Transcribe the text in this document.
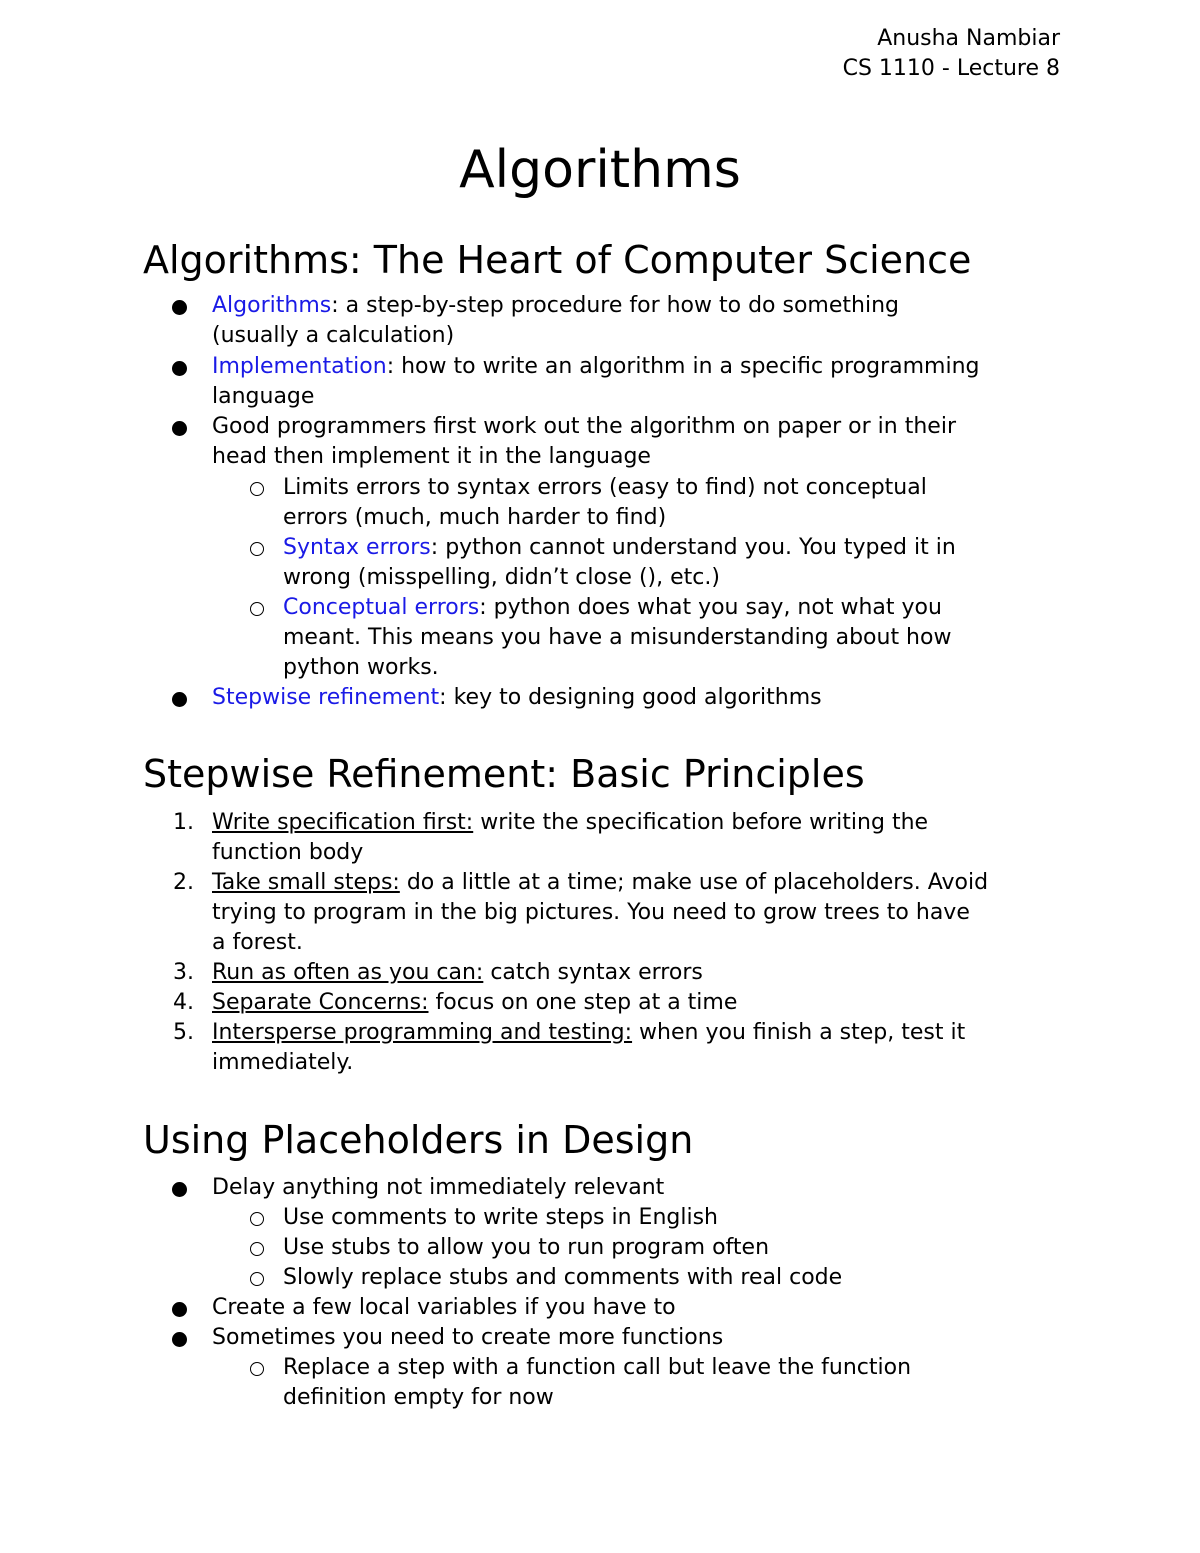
Anusha Nambiar
CS 1110 - Lecture 8
Algorithms
Algorithms: The Heart of Computer Science
Algorithms: a step-by-step procedure for how to do something
(usually a calculation)
Implementation: how to write an algorithm in a specific programming
language
Good programmers first work out the algorithm on paper or in their
head then implement it in the language
Limits errors to syntax errors (easy to find) not conceptual
errors (much, much harder to find)
Syntax errors: python cannot understand you. You typed it in
wrong (misspelling, didn’t close (), etc.)
Conceptual errors: python does what you say, not what you
meant. This means you have a misunderstanding about how
python works.
Stepwise refinement: key to designing good algorithms
Stepwise Refinement: Basic Principles
1. Write specification first: write the specification before writing the
function body
2. Take small steps: do a little at a time; make use of placeholders. Avoid
trying to program in the big pictures. You need to grow trees to have
a forest.
3. Run as often as you can: catch syntax errors
4. Separate Concerns: focus on one step at a time
5. Intersperse programming and testing: when you finish a step, test it
immediately.
Using Placeholders in Design
Delay anything not immediately relevant
Use comments to write steps in English
Use stubs to allow you to run program often
Slowly replace stubs and comments with real code
Create a few local variables if you have to
Sometimes you need to create more functions
Replace a step with a function call but leave the function
definition empty for now
